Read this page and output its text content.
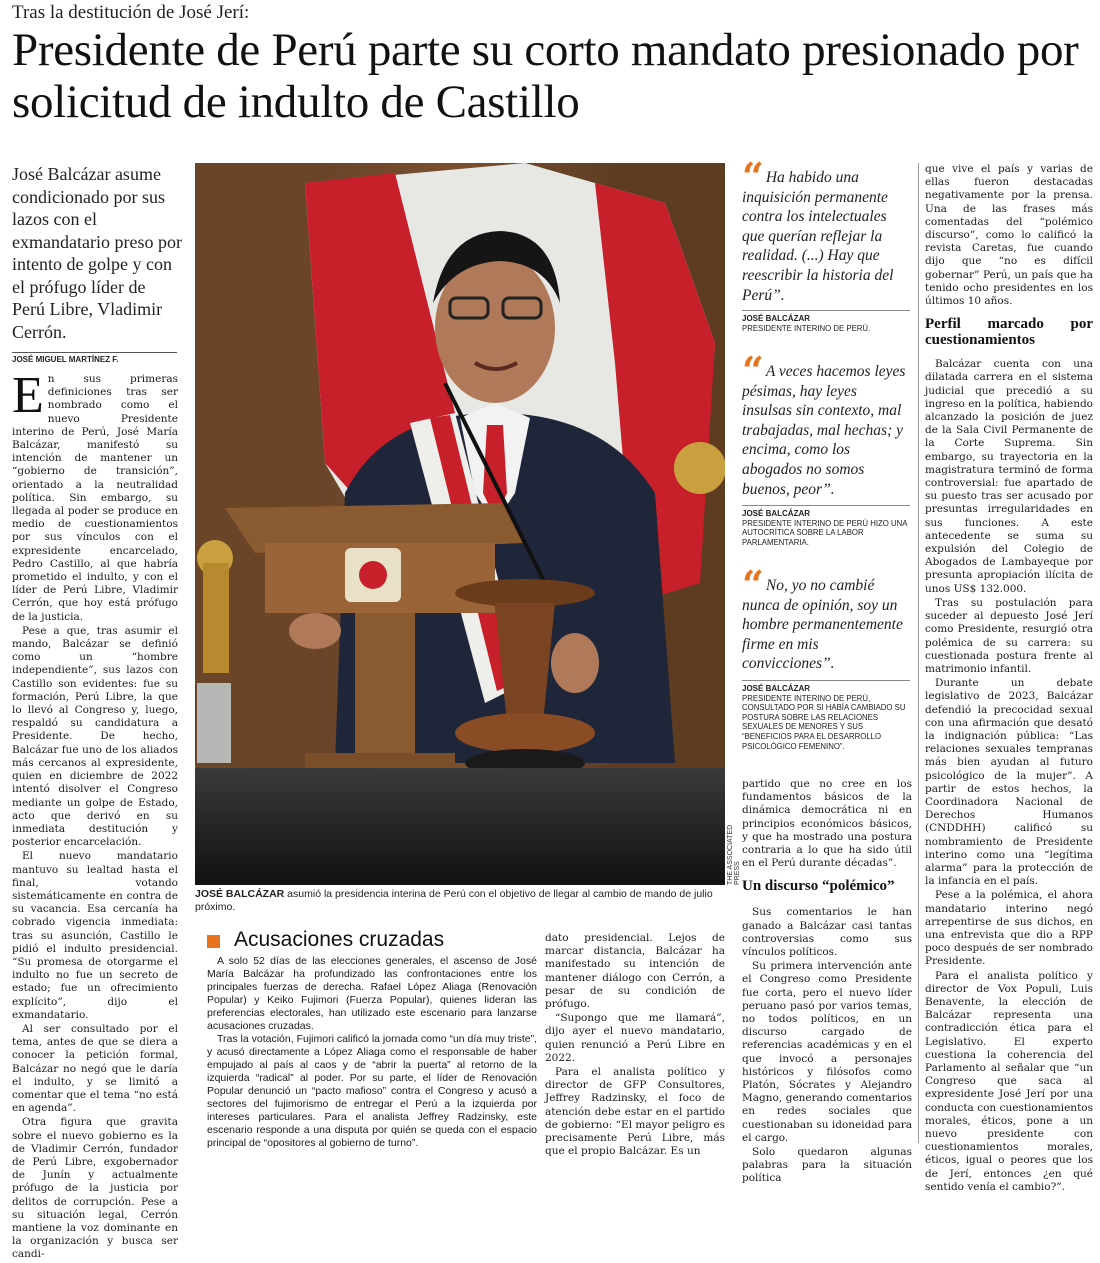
Tras la destitución de José Jerí:
Presidente de Perú parte su corto mandato presionado por solicitud de indulto de Castillo
José Balcázar asume condicionado por sus lazos con el exmandatario preso por intento de golpe y con el prófugo líder de Perú Libre, Vladimir Cerrón.
JOSÉ MIGUEL MARTÍNEZ F.

En sus primeras definiciones tras ser nombrado como el nuevo Presidente interino de Perú, José María Balcázar, manifestó su intención de mantener un “gobierno de transición”, orientado a la neutralidad política. Sin embargo, su llegada al poder se produce en medio de cuestionamientos por sus vínculos con el expresidente encarcelado, Pedro Castillo, al que habría prometido el indulto, y con el líder de Perú Libre, Vladimir Cerrón, que hoy está prófugo de la justicia.

Pese a que, tras asumir el mando, Balcázar se definió como un “hombre independiente”, sus lazos con Castillo son evidentes: fue su formación, Perú Libre, la que lo llevó al Congreso y, luego, respaldó su candidatura a Presidente. De hecho, Balcázar fue uno de los aliados más cercanos al expresidente, quien en diciembre de 2022 intentó disolver el Congreso mediante un golpe de Estado, acto que derivó en su inmediata destitución y posterior encarcelación.

El nuevo mandatario mantuvo su lealtad hasta el final, votando sistemáticamente en contra de su vacancia. Esa cercanía ha cobrado vigencia inmediata: tras su asunción, Castillo le pidió el indulto presidencial. “Su promesa de otorgarme el indulto no fue un secreto de estado; fue un ofrecimiento explícito”, dijo el exmandatario.

Al ser consultado por el tema, antes de que se diera a conocer la petición formal, Balcázar no negó que le daría el indulto, y se limitó a comentar que el tema “no está en agenda”.

Otra figura que gravita sobre el nuevo gobierno es la de Vladimir Cerrón, fundador de Perú Libre, exgobernador de Junín y actualmente prófugo de la justicia por delitos de corrupción. Pese a su situación legal, Cerrón mantiene la voz dominante en la organización y busca ser candi-

THE ASSOCIATED PRESS
JOSÉ BALCÁZAR asumió la presidencia interina de Perú con el objetivo de llegar al cambio de mando de julio próximo.
“ Ha habido una inquisición permanente contra los intelectuales que querían reflejar la realidad. (...) Hay que reescribir la historia del Perú”.
JOSÉ BALCÁZAR
PRESIDENTE INTERINO DE PERÚ.
“ A veces hacemos leyes pésimas, hay leyes insulsas sin contexto, mal trabajadas, mal hechas; y encima, como los abogados no somos buenos, peor”.
JOSÉ BALCÁZAR
PRESIDENTE INTERINO DE PERÚ HIZO UNA AUTOCRÍTICA SOBRE LA LABOR PARLAMENTARIA.
“ No, yo no cambié nunca de opinión, soy un hombre permanentemente firme en mis convicciones”.
JOSÉ BALCÁZAR
PRESIDENTE INTERINO DE PERÚ, CONSULTADO POR SI HABÍA CAMBIADO SU POSTURA SOBRE LAS RELACIONES SEXUALES DE MENORES Y SUS “BENEFICIOS PARA EL DESARROLLO PSICOLÓGICO FEMENINO”.

partido que no cree en los fundamentos básicos de la dinámica democrática ni en principios económicos básicos, y que ha mostrado una postura contraria a lo que ha sido útil en el Perú durante décadas”.

Un discurso “polémico”

Sus comentarios le han ganado a Balcázar casi tantas controversias como sus vínculos políticos.

Su primera intervención ante el Congreso como Presidente fue corta, pero el nuevo líder peruano pasó por varios temas, no todos políticos, en un discurso cargado de referencias académicas y en el que invocó a personajes históricos y filósofos como Platón, Sócrates y Alejandro Magno, generando comentarios en redes sociales que cuestionaban su idoneidad para el cargo.

Solo quedaron algunas palabras para la situación política

que vive el país y varias de ellas fueron destacadas negativamente por la prensa. Una de las frases más comentadas del “polémico discurso”, como lo calificó la revista Caretas, fue cuando dijo que “no es difícil gobernar” Perú, un país que ha tenido ocho presidentes en los últimos 10 años.

Perfil marcado por cuestionamientos

Balcázar cuenta con una dilatada carrera en el sistema judicial que precedió a su ingreso en la política, habiendo alcanzado la posición de juez de la Sala Civil Permanente de la Corte Suprema. Sin embargo, su trayectoria en la magistratura terminó de forma controversial: fue apartado de su puesto tras ser acusado por presuntas irregularidades en sus funciones. A este antecedente se suma su expulsión del Colegio de Abogados de Lambayeque por presunta apropiación ilícita de unos US$ 132.000.

Tras su postulación para suceder al depuesto José Jerí como Presidente, resurgió otra polémica de su carrera: su cuestionada postura frente al matrimonio infantil.

Durante un debate legislativo de 2023, Balcázar defendió la precocidad sexual con una afirmación que desató la indignación pública: “Las relaciones sexuales tempranas más bien ayudan al futuro psicológico de la mujer”. A partir de estos hechos, la Coordinadora Nacional de Derechos Humanos (CNDDHH) calificó su nombramiento de Presidente interino como una “legítima alarma” para la protección de la infancia en el país.

Pese a la polémica, el ahora mandatario interino negó arrepentirse de sus dichos, en una entrevista que dio a RPP poco después de ser nombrado Presidente.

Para el analista político y director de Vox Populi, Luis Benavente, la elección de Balcázar representa una contradicción ética para el Legislativo. El experto cuestiona la coherencia del Parlamento al señalar que “un Congreso que saca al expresidente José Jerí por una conducta con cuestionamientos morales, éticos, pone a un nuevo presidente con cuestionamientos morales, éticos, igual o peores que los de Jerí, entonces ¿en qué sentido venía el cambio?”.

Acusaciones cruzadas

A solo 52 días de las elecciones generales, el ascenso de José María Balcázar ha profundizado las confrontaciones entre los principales fuerzas de derecha. Rafael López Aliaga (Renovación Popular) y Keiko Fujimori (Fuerza Popular), quienes lideran las preferencias electorales, han utilizado este escenario para lanzarse acusaciones cruzadas.

Tras la votación, Fujimori calificó la jornada como “un día muy triste”, y acusó directamente a López Aliaga como el responsable de haber empujado al país al caos y de “abrir la puerta” al retorno de la izquierda “radical” al poder. Por su parte, el líder de Renovación Popular denunció un “pacto mafioso” contra el Congreso y acusó a sectores del fujimorismo de entregar el Perú a la izquierda por intereses particulares. Para el analista Jeffrey Radzinsky, este escenario responde a una disputa por quién se queda con el espacio principal de “opositores al gobierno de turno”.

dato presidencial. Lejos de marcar distancia, Balcázar ha manifestado su intención de mantener diálogo con Cerrón, a pesar de su condición de prófugo.

“Supongo que me llamará”, dijo ayer el nuevo mandatario, quien renunció a Perú Libre en 2022.

Para el analista político y director de GFP Consultores, Jeffrey Radzinsky, el foco de atención debe estar en el partido de gobierno: “El mayor peligro es precisamente Perú Libre, más que el propio Balcázar. Es un
